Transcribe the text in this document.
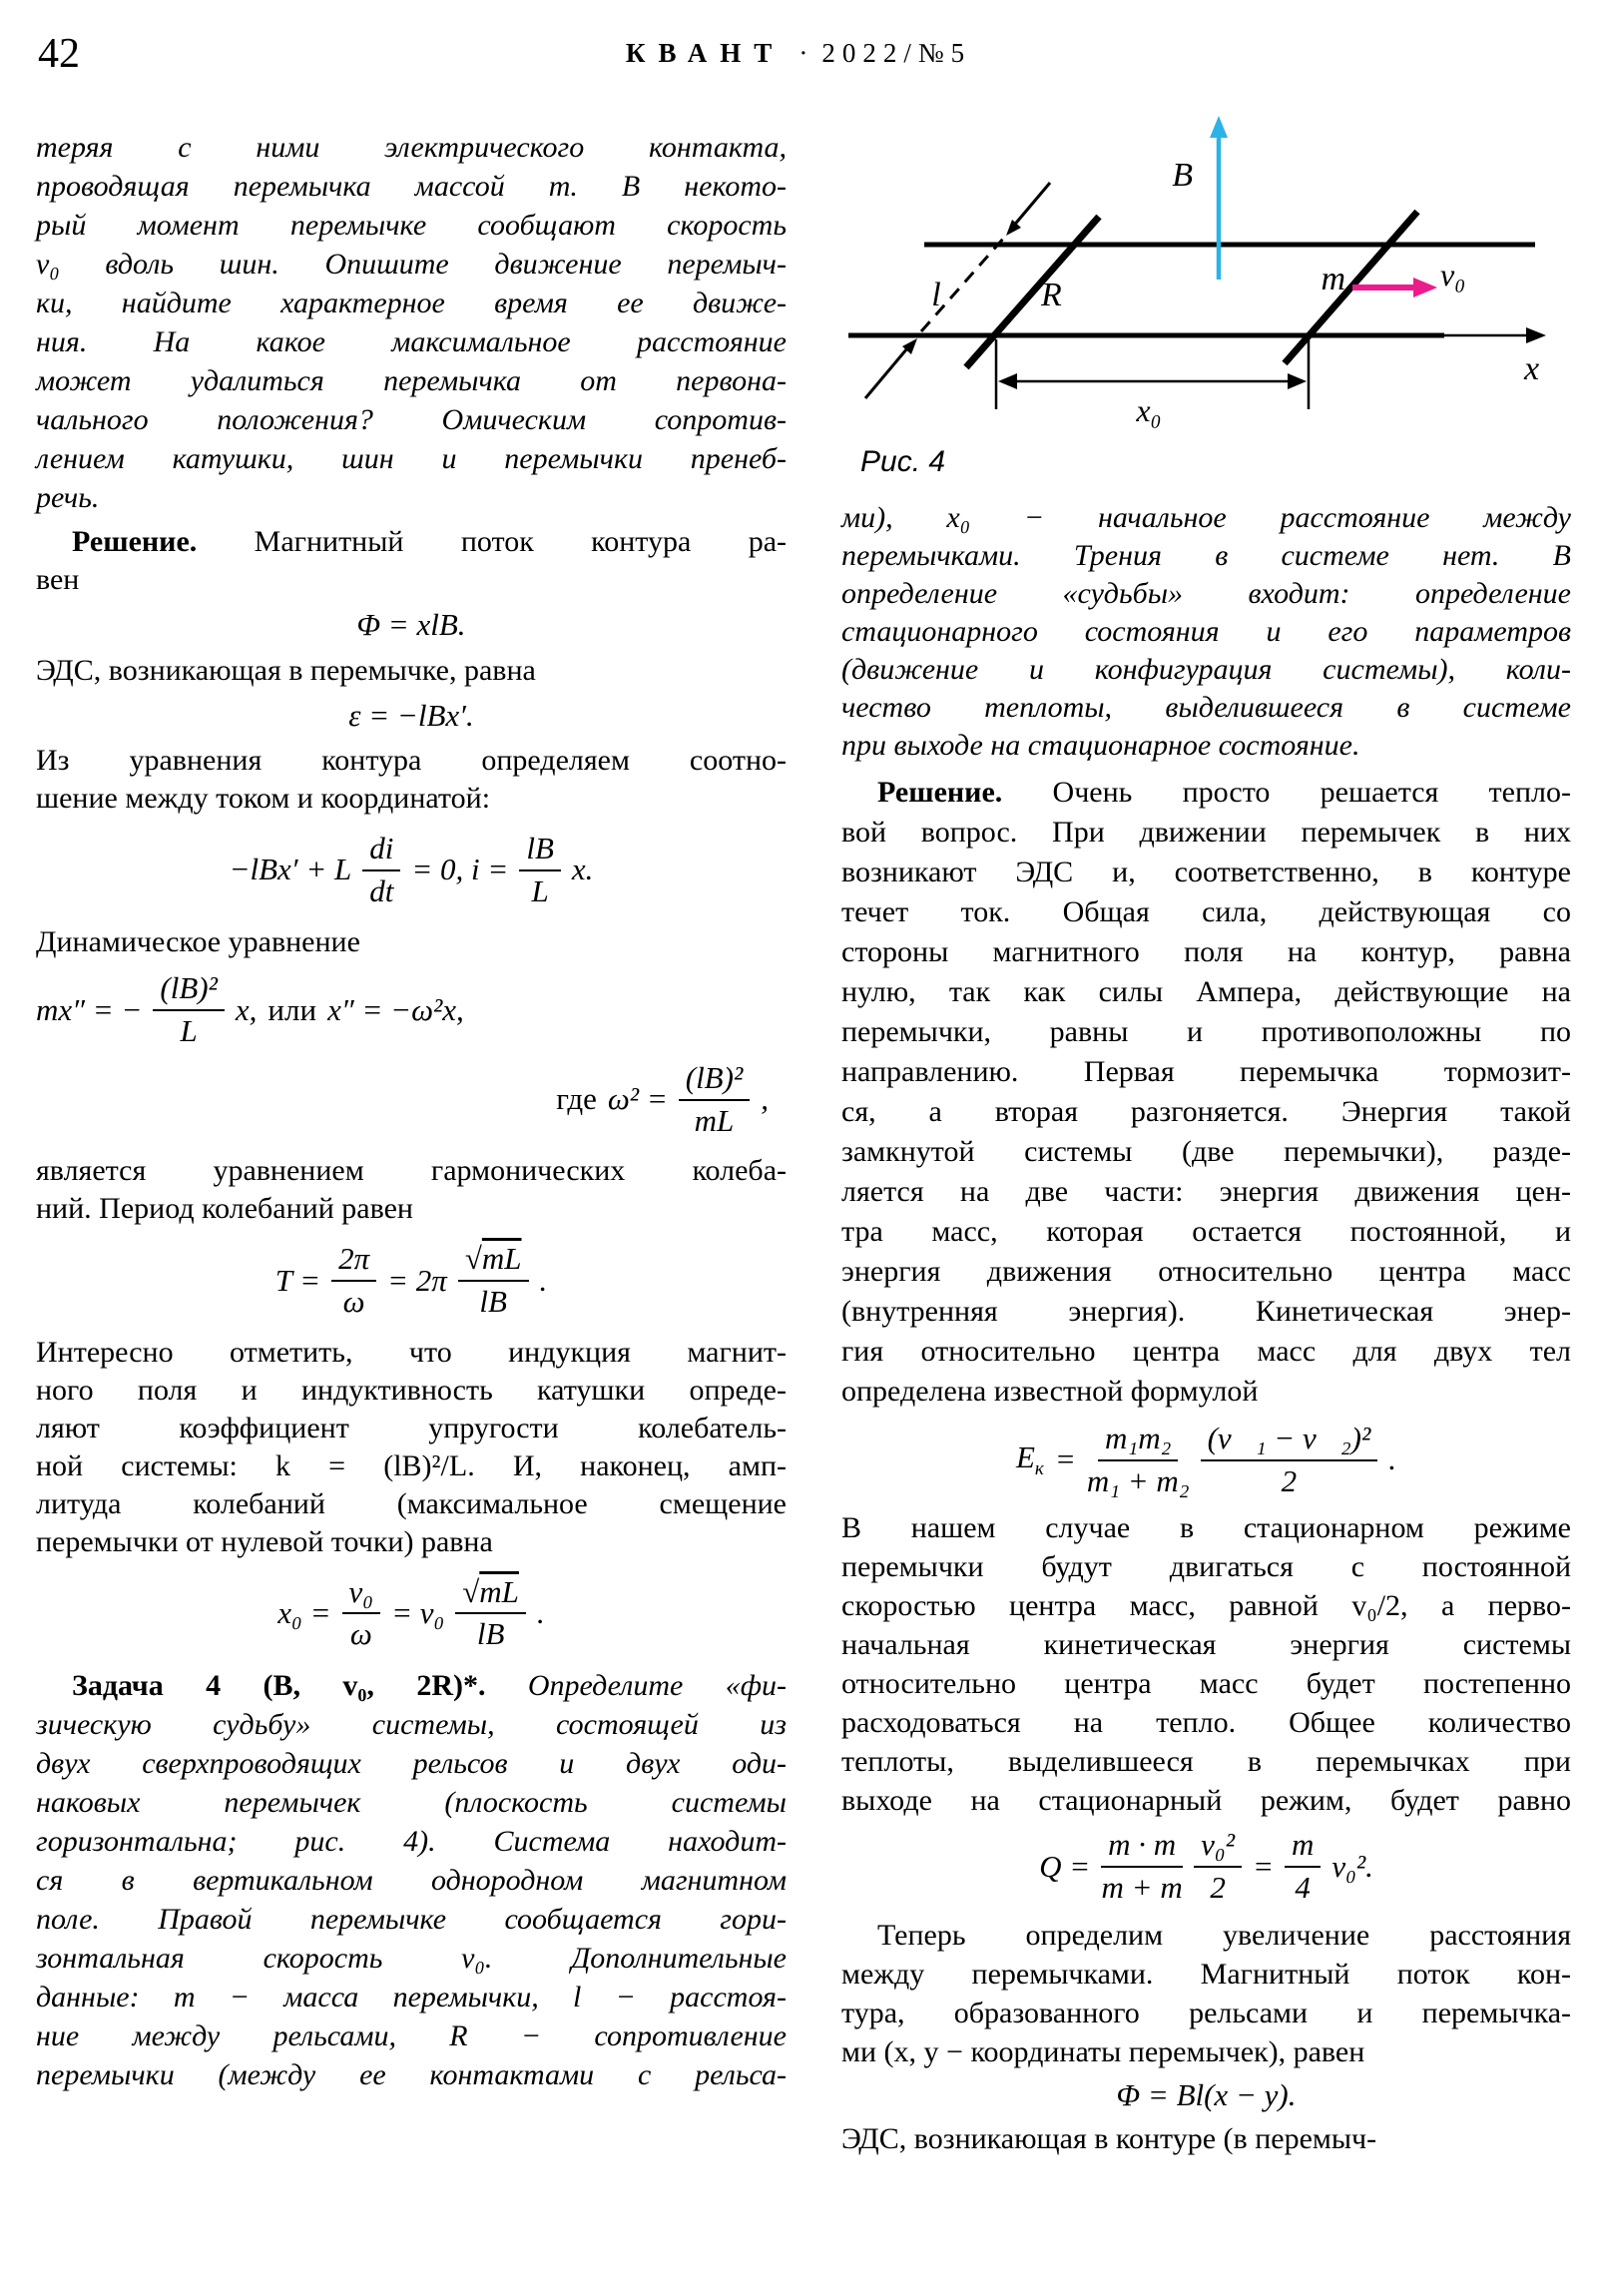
42	КВАНТ · 2022/№5
теряя с ними электрического контакта,
проводящая перемычка массой m. В некото-
рый момент перемычке сообщают скорость
v₀ вдоль шин. Опишите движение перемыч-
ки, найдите характерное время ее движе-
ния. На какое максимальное расстояние
может удалиться перемычка от первона-
чального положения? Омическим сопротив-
лением катушки, шин и перемычки пренеб-
речь.
Решение. Магнитный поток контура ра-
вен
Φ = xlB.
ЭДС, возникающая в перемычке, равна
ε = −lBx′.
Из уравнения контура определяем соотно-
шение между током и координатой:
−lBx′ + L $\frac{di}{dt} = 0$, $i = \frac{lB}{L} x$.
Динамическое уравнение
mx″ = − $\frac{\text{(lB)²}}{L} x$, или x″ = −ω²x,
где $\omega^2 = \frac{\text{(lB)²}}{mL}$ ,
является уравнением гармонических колеба-
ний. Период колебаний равен
$T = \frac{2\pi}{\omega} = 2\pi \frac{√mL}{lB}$ .
Интересно отметить, что индукция магнит-
ного поля и индуктивность катушки опреде-
ляют коэффициент упругости колебатель-
ной системы: k = (lB)²/L. И, наконец, амп-
литуда колебаний (максимальное смещение
перемычки от нулевой точки) равна
$x_0 = \frac{\text{v₀}}{\omega} = v_0 \frac{√mL}{lB}$ .
Задача 4 (B, v₀, 2R)*. Определите «фи-
зическую судьбу» системы, состоящей из
двух сверхпроводящих рельсов и двух оди-
наковых перемычек (плоскость системы
горизонтальна; рис. 4). Система находит-
ся в вертикальном однородном магнитном
поле. Правой перемычке сообщается гори-
зонтальная скорость v₀. Дополнительные
данные: m − масса перемычки, l − расстоя-
ние между рельсами, R − сопротивление
перемычки (между ее контактами с рельса-
B
l	R	m	v₀
x
x₀
Рис. 4
ми), x₀ − начальное расстояние между
перемычками. Трения в системе нет. В
определение «судьбы» входит: определение
стационарного состояния и его параметров
(движение и конфигурация системы), коли-
чество теплоты, выделившееся в системе
при выходе на стационарное состояние.
Решение. Очень просто решается тепло-
вой вопрос. При движении перемычек в них
возникают ЭДС и, соответственно, в контуре
течет ток. Общая сила, действующая со
стороны магнитного поля на контур, равна
нулю, так как силы Ампера, действующие на
перемычки, равны и противоположны по
направлению. Первая перемычка тормозит-
ся, а вторая разгоняется. Энергия такой
замкнутой системы (две перемычки), разде-
ляется на две части: энергия движения цен-
тра масс, которая остается постоянной, и
энергия движения относительно центра масс
(внутренняя энергия). Кинетическая энер-
гия относительно центра масс для двух тел
определена известной формулой
$E_к = \frac{\text{m₁m₂}}{\text{m₁ + m₂}} \frac{\text{(v⃗₁ − v⃗₂)²}}{2}$ .
В нашем случае в стационарном режиме
перемычки будут двигаться с постоянной
скоростью центра масс, равной v₀/2, а перво-
начальная кинетическая энергия системы
относительно центра масс будет постепенно
расходоваться на тепло. Общее количество
теплоты, выделившееся в перемычках при
выходе на стационарный режим, будет равно
$Q = \frac{m \cdot m}{m + m} \frac{\text{v₀²}}{2} = \frac{m}{4} v_0^2$.
Теперь определим увеличение расстояния
между перемычками. Магнитный поток кон-
тура, образованного рельсами и перемычка-
ми (x, y − координаты перемычек), равен
Φ = Bl(x − y).
ЭДС, возникающая в контуре (в перемыч-
